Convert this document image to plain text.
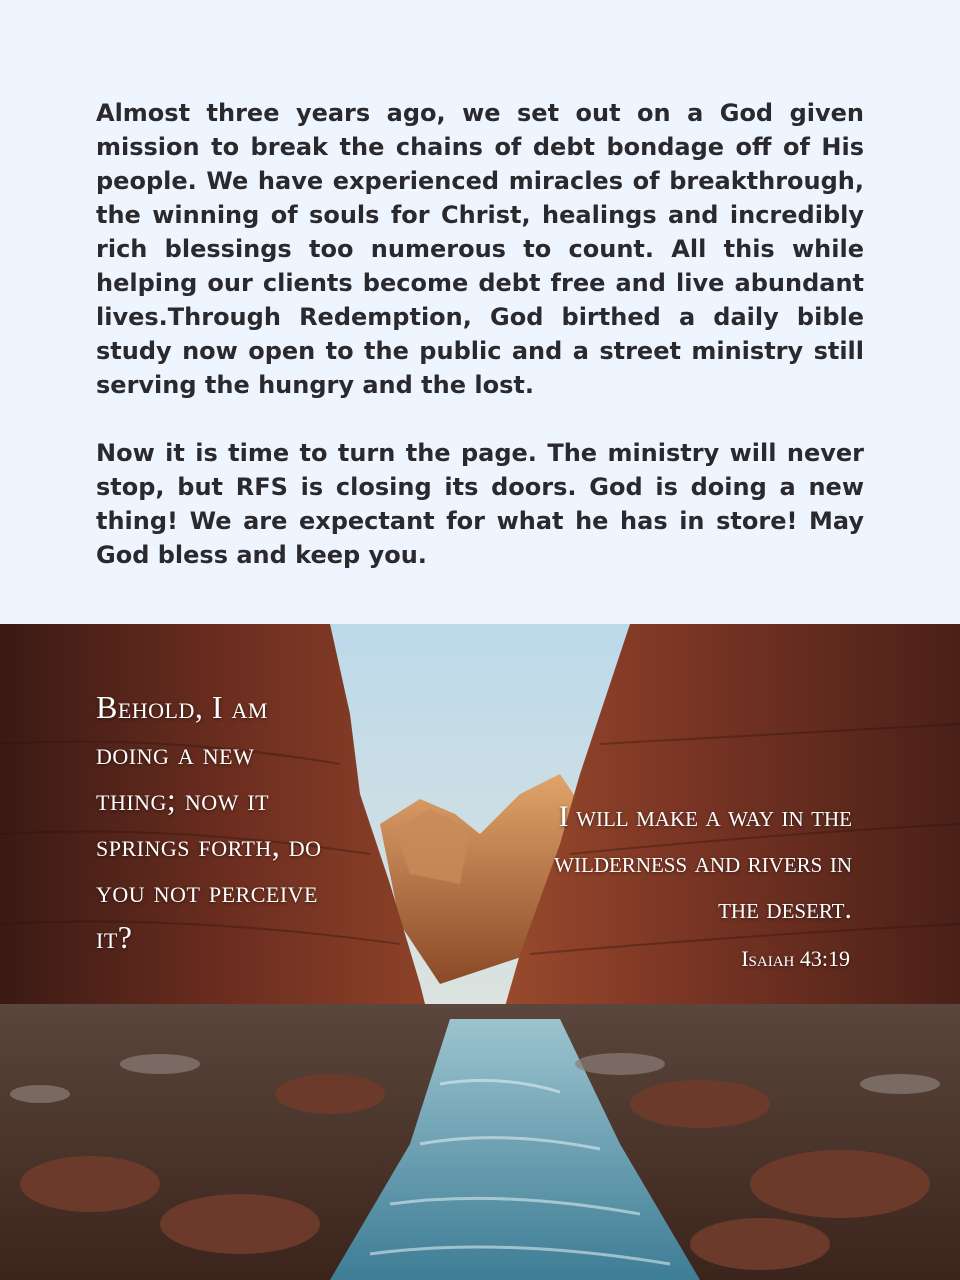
Almost three years ago, we set out on a God given mission to break the chains of debt bondage off of His people. We have experienced miracles of breakthrough, the winning of souls for Christ, healings and incredibly rich blessings too numerous to count. All this while helping our clients become debt free and live abundant lives.Through Redemption, God birthed a daily bible study now open to the public and a street ministry still serving the hungry and the lost.

Now it is time to turn the page. The ministry will never stop, but RFS is closing its doors. God is doing a new thing! We are expectant for what he has in store! May God bless and keep you.

Behold, I am doing a new thing; now it springs forth, do you not perceive it?

I will make a way in the wilderness and rivers in the desert.

Isaiah 43:19
